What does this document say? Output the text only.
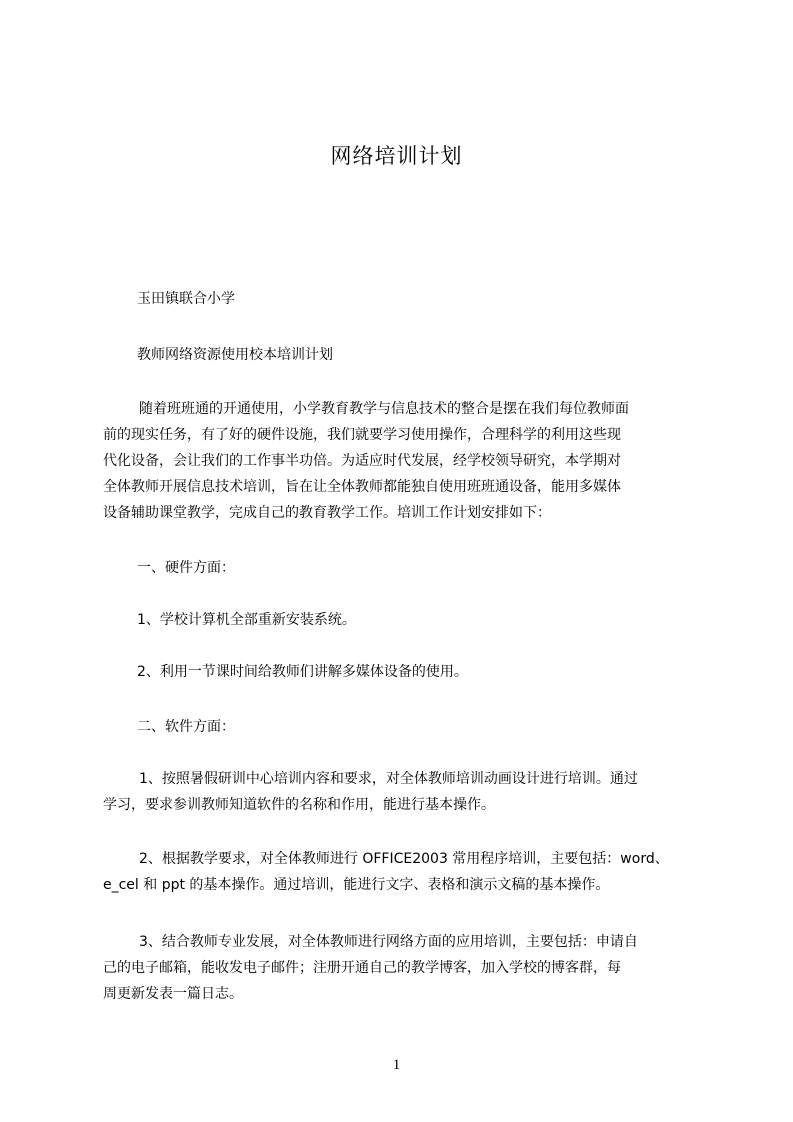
网络培训计划
玉田镇联合小学
教师网络资源使用校本培训计划
随着班班通的开通使用，小学教育教学与信息技术的整合是摆在我们每位教师面
前的现实任务，有了好的硬件设施，我们就要学习使用操作，合理科学的利用这些现
代化设备，会让我们的工作事半功倍。为适应时代发展，经学校领导研究，本学期对
全体教师开展信息技术培训，旨在让全体教师都能独自使用班班通设备，能用多媒体
设备辅助课堂教学，完成自己的教育教学工作。培训工作计划安排如下：
一、硬件方面：
1、学校计算机全部重新安装系统。
2、利用一节课时间给教师们讲解多媒体设备的使用。
二、软件方面：
1、按照暑假研训中心培训内容和要求，对全体教师培训动画设计进行培训。通过
学习，要求参训教师知道软件的名称和作用，能进行基本操作。
2、根据教学要求，对全体教师进行 OFFICE2003 常用程序培训，主要包括：word、
e_cel 和 ppt 的基本操作。通过培训，能进行文字、表格和演示文稿的基本操作。
3、结合教师专业发展，对全体教师进行网络方面的应用培训，主要包括：申请自
己的电子邮箱，能收发电子邮件；注册开通自己的教学博客，加入学校的博客群，每
周更新发表一篇日志。
1
